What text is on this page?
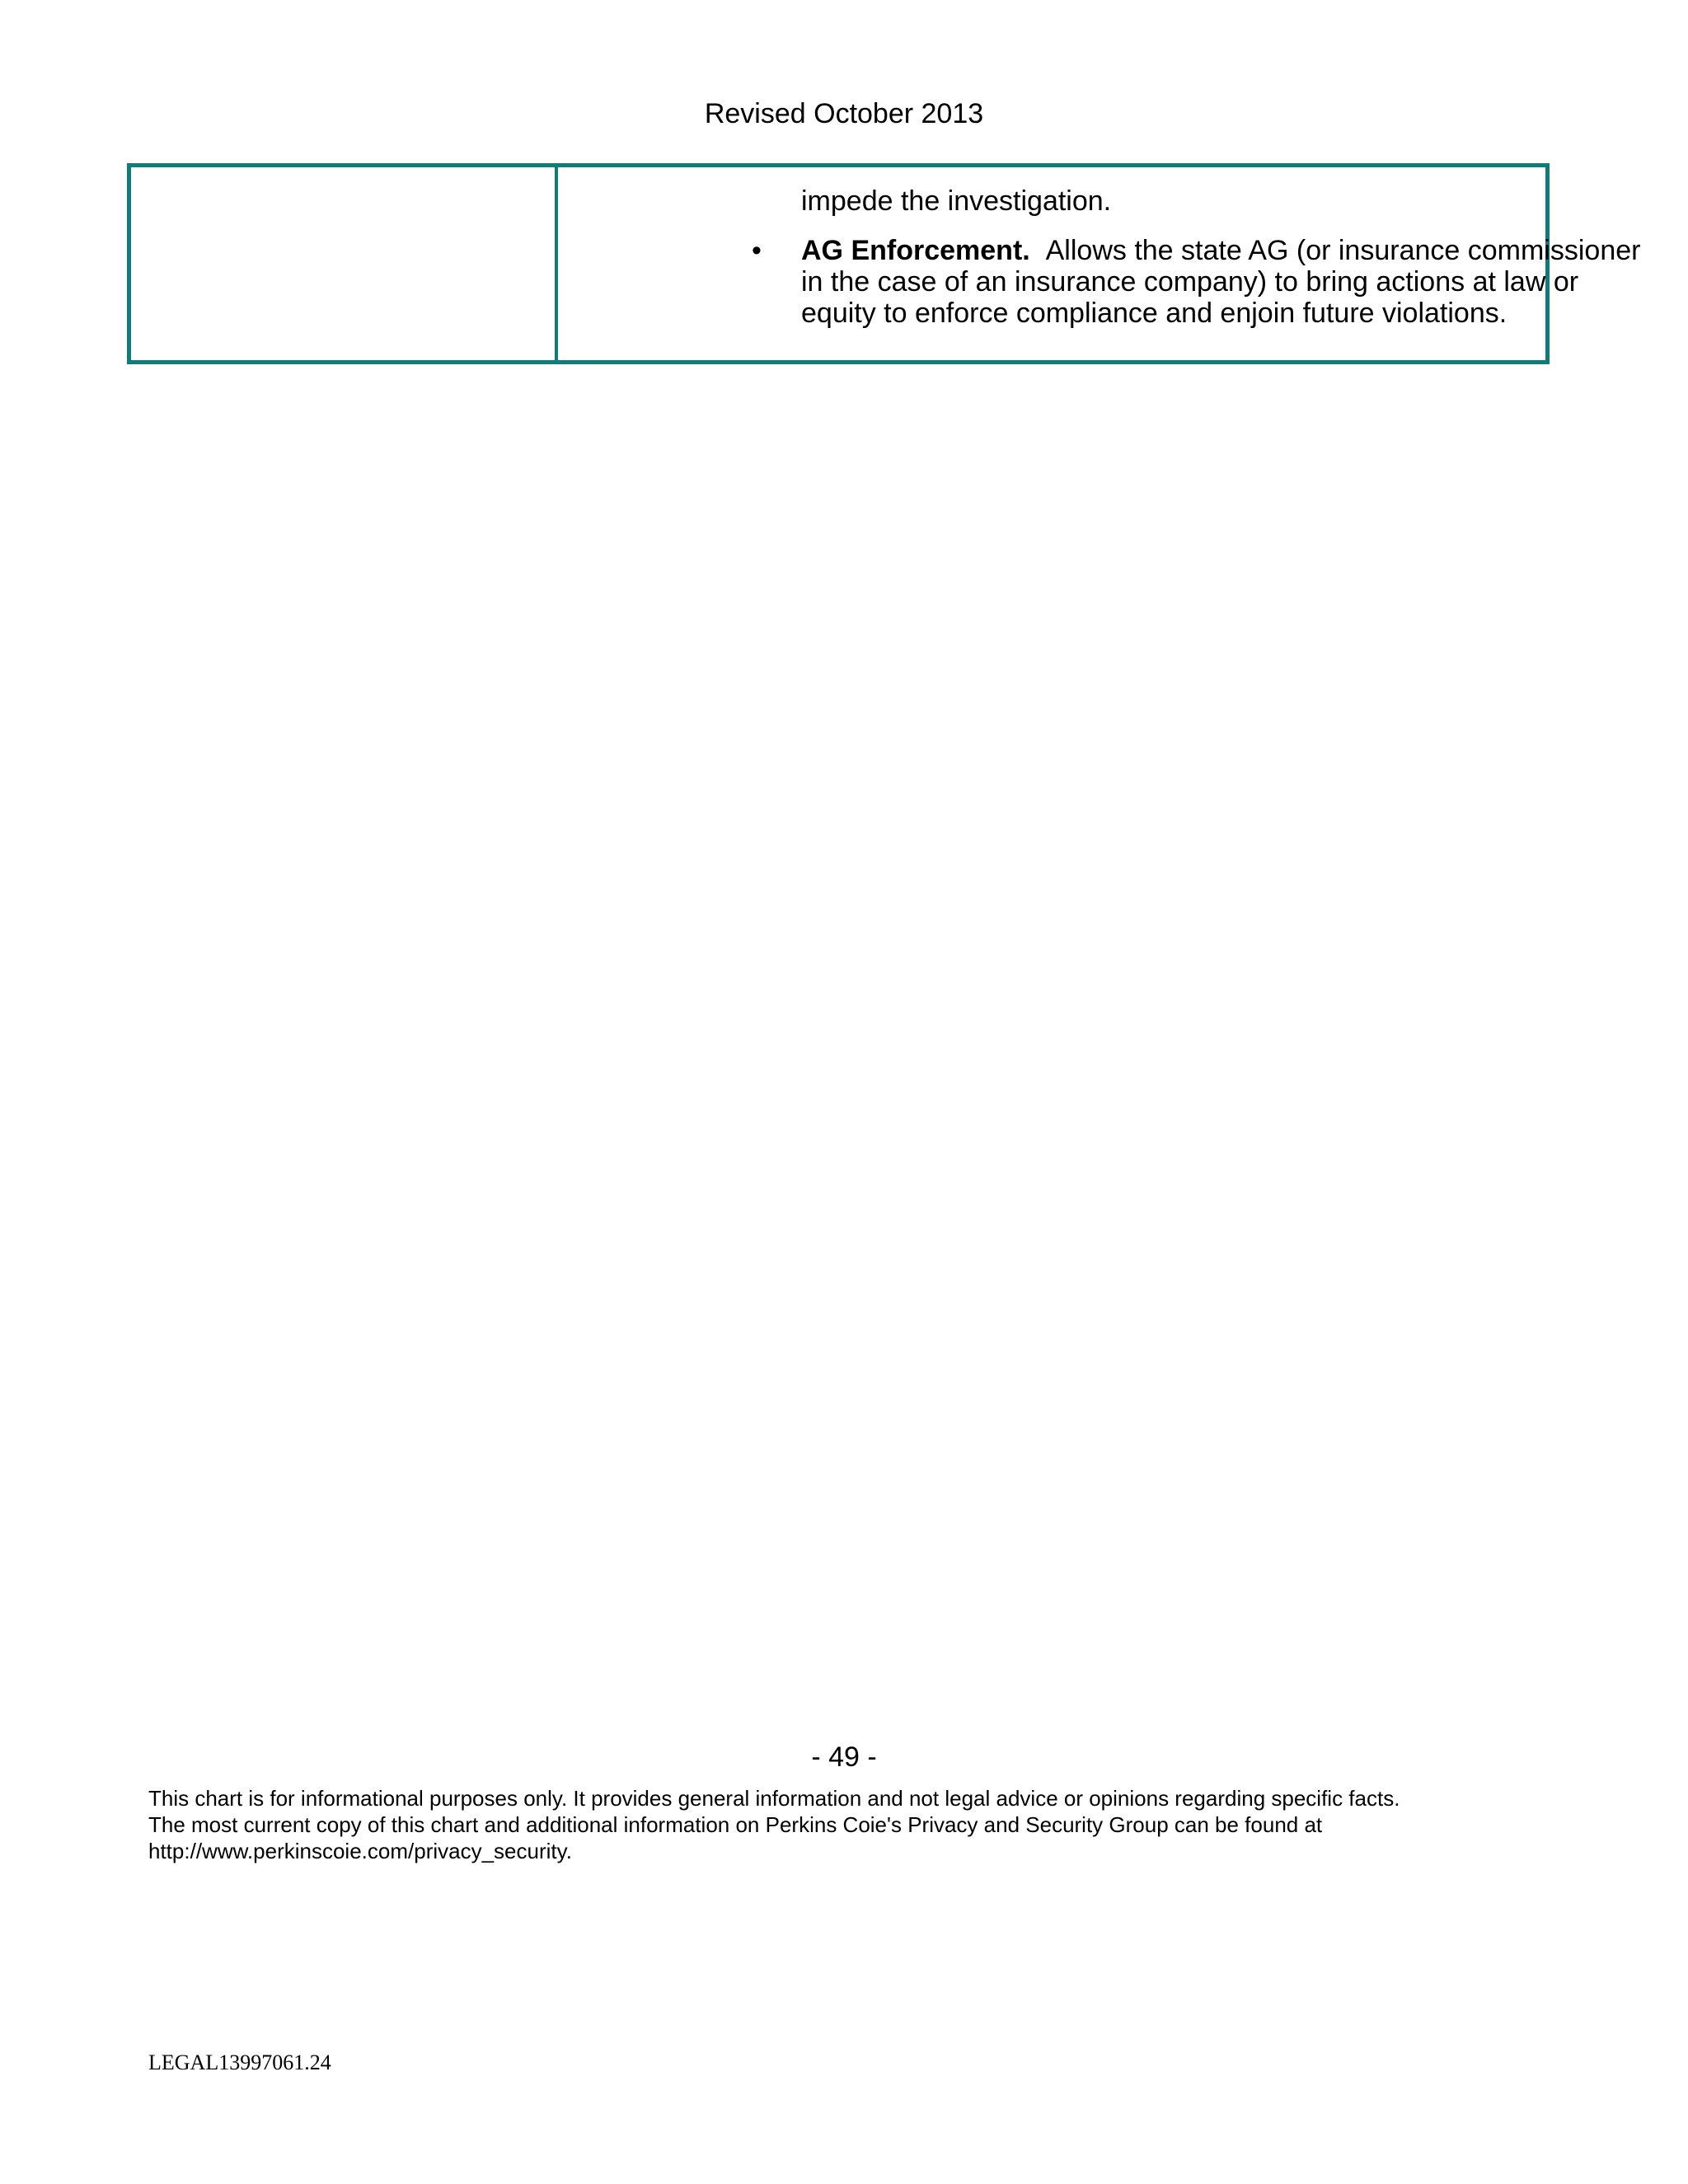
Revised October 2013
impede the investigation.
• AG Enforcement. Allows the state AG (or insurance commissioner in the case of an insurance company) to bring actions at law or equity to enforce compliance and enjoin future violations.
- 49 -
This chart is for informational purposes only. It provides general information and not legal advice or opinions regarding specific facts.
The most current copy of this chart and additional information on Perkins Coie's Privacy and Security Group can be found at
http://www.perkinscoie.com/privacy_security.
LEGAL13997061.24
